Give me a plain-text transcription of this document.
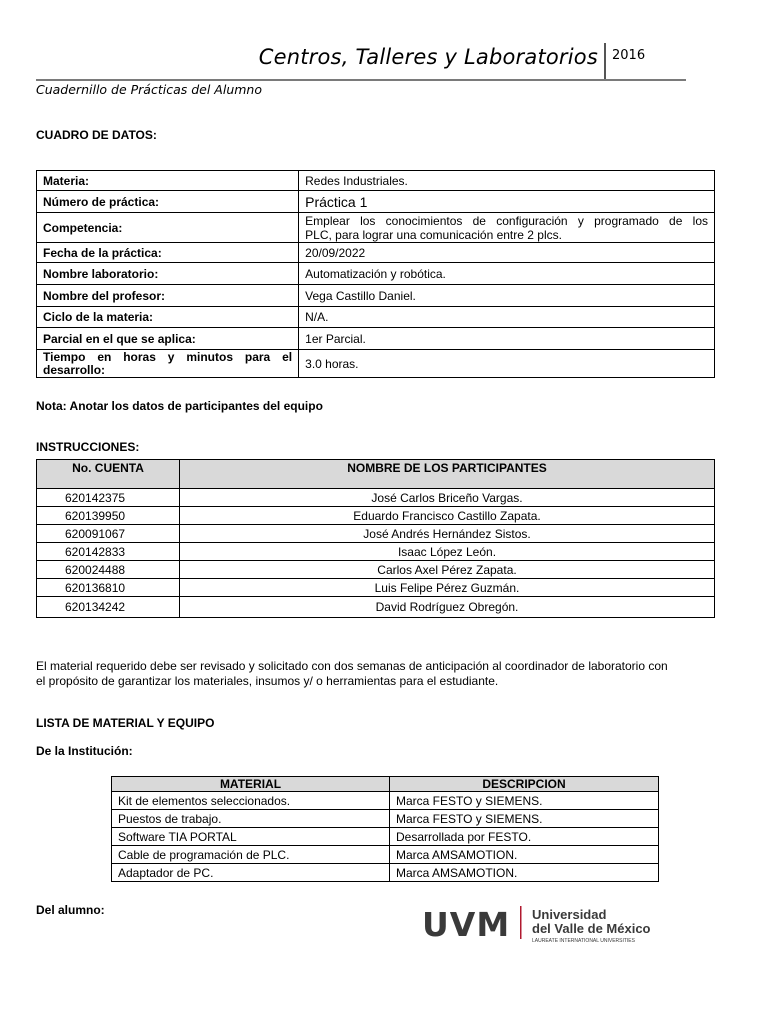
Centros, Talleres y Laboratorios 2016
Cuadernillo de Prácticas del Alumno
CUADRO DE DATOS:
Materia:	Redes Industriales.
Número de práctica:	Práctica 1
Competencia:	Emplear los conocimientos de configuración y programado de los
PLC, para lograr una comunicación entre 2 plcs.

Fecha de la práctica:	20/09/2022
Nombre laboratorio:	Automatización y robótica.
Nombre del profesor:	Vega Castillo Daniel.
Ciclo de la materia:	N/A.
Parcial en el que se aplica:	1er Parcial.

Tiempo en horas y minutos para el
desarrollo:	3.0 horas.
Nota: Anotar los datos de participantes del equipo
INSTRUCCIONES:
No. CUENTA	NOMBRE DE LOS PARTICIPANTES
620142375	José Carlos Briceño Vargas.
620139950	Eduardo Francisco Castillo Zapata.
620091067	José Andrés Hernández Sistos.
620142833	Isaac López León.
620024488	Carlos Axel Pérez Zapata.
620136810	Luis Felipe Pérez Guzmán.
620134242	David Rodríguez Obregón.
El material requerido debe ser revisado y solicitado con dos semanas de anticipación al coordinador de laboratorio con
el propósito de garantizar los materiales, insumos y/ o herramientas para el estudiante.
LISTA DE MATERIAL Y EQUIPO
De la Institución:
MATERIAL	DESCRIPCION
Kit de elementos seleccionados.	Marca FESTO y SIEMENS.
Puestos de trabajo.	Marca FESTO y SIEMENS.
Software TIA PORTAL	Desarrollada por FESTO.
Cable de programación de PLC.	Marca AMSAMOTION.
Adaptador de PC.	Marca AMSAMOTION.
Del alumno:	UVM Universidad
del Valle de México
LAUREATE INTERNATIONAL UNIVERSITIES
